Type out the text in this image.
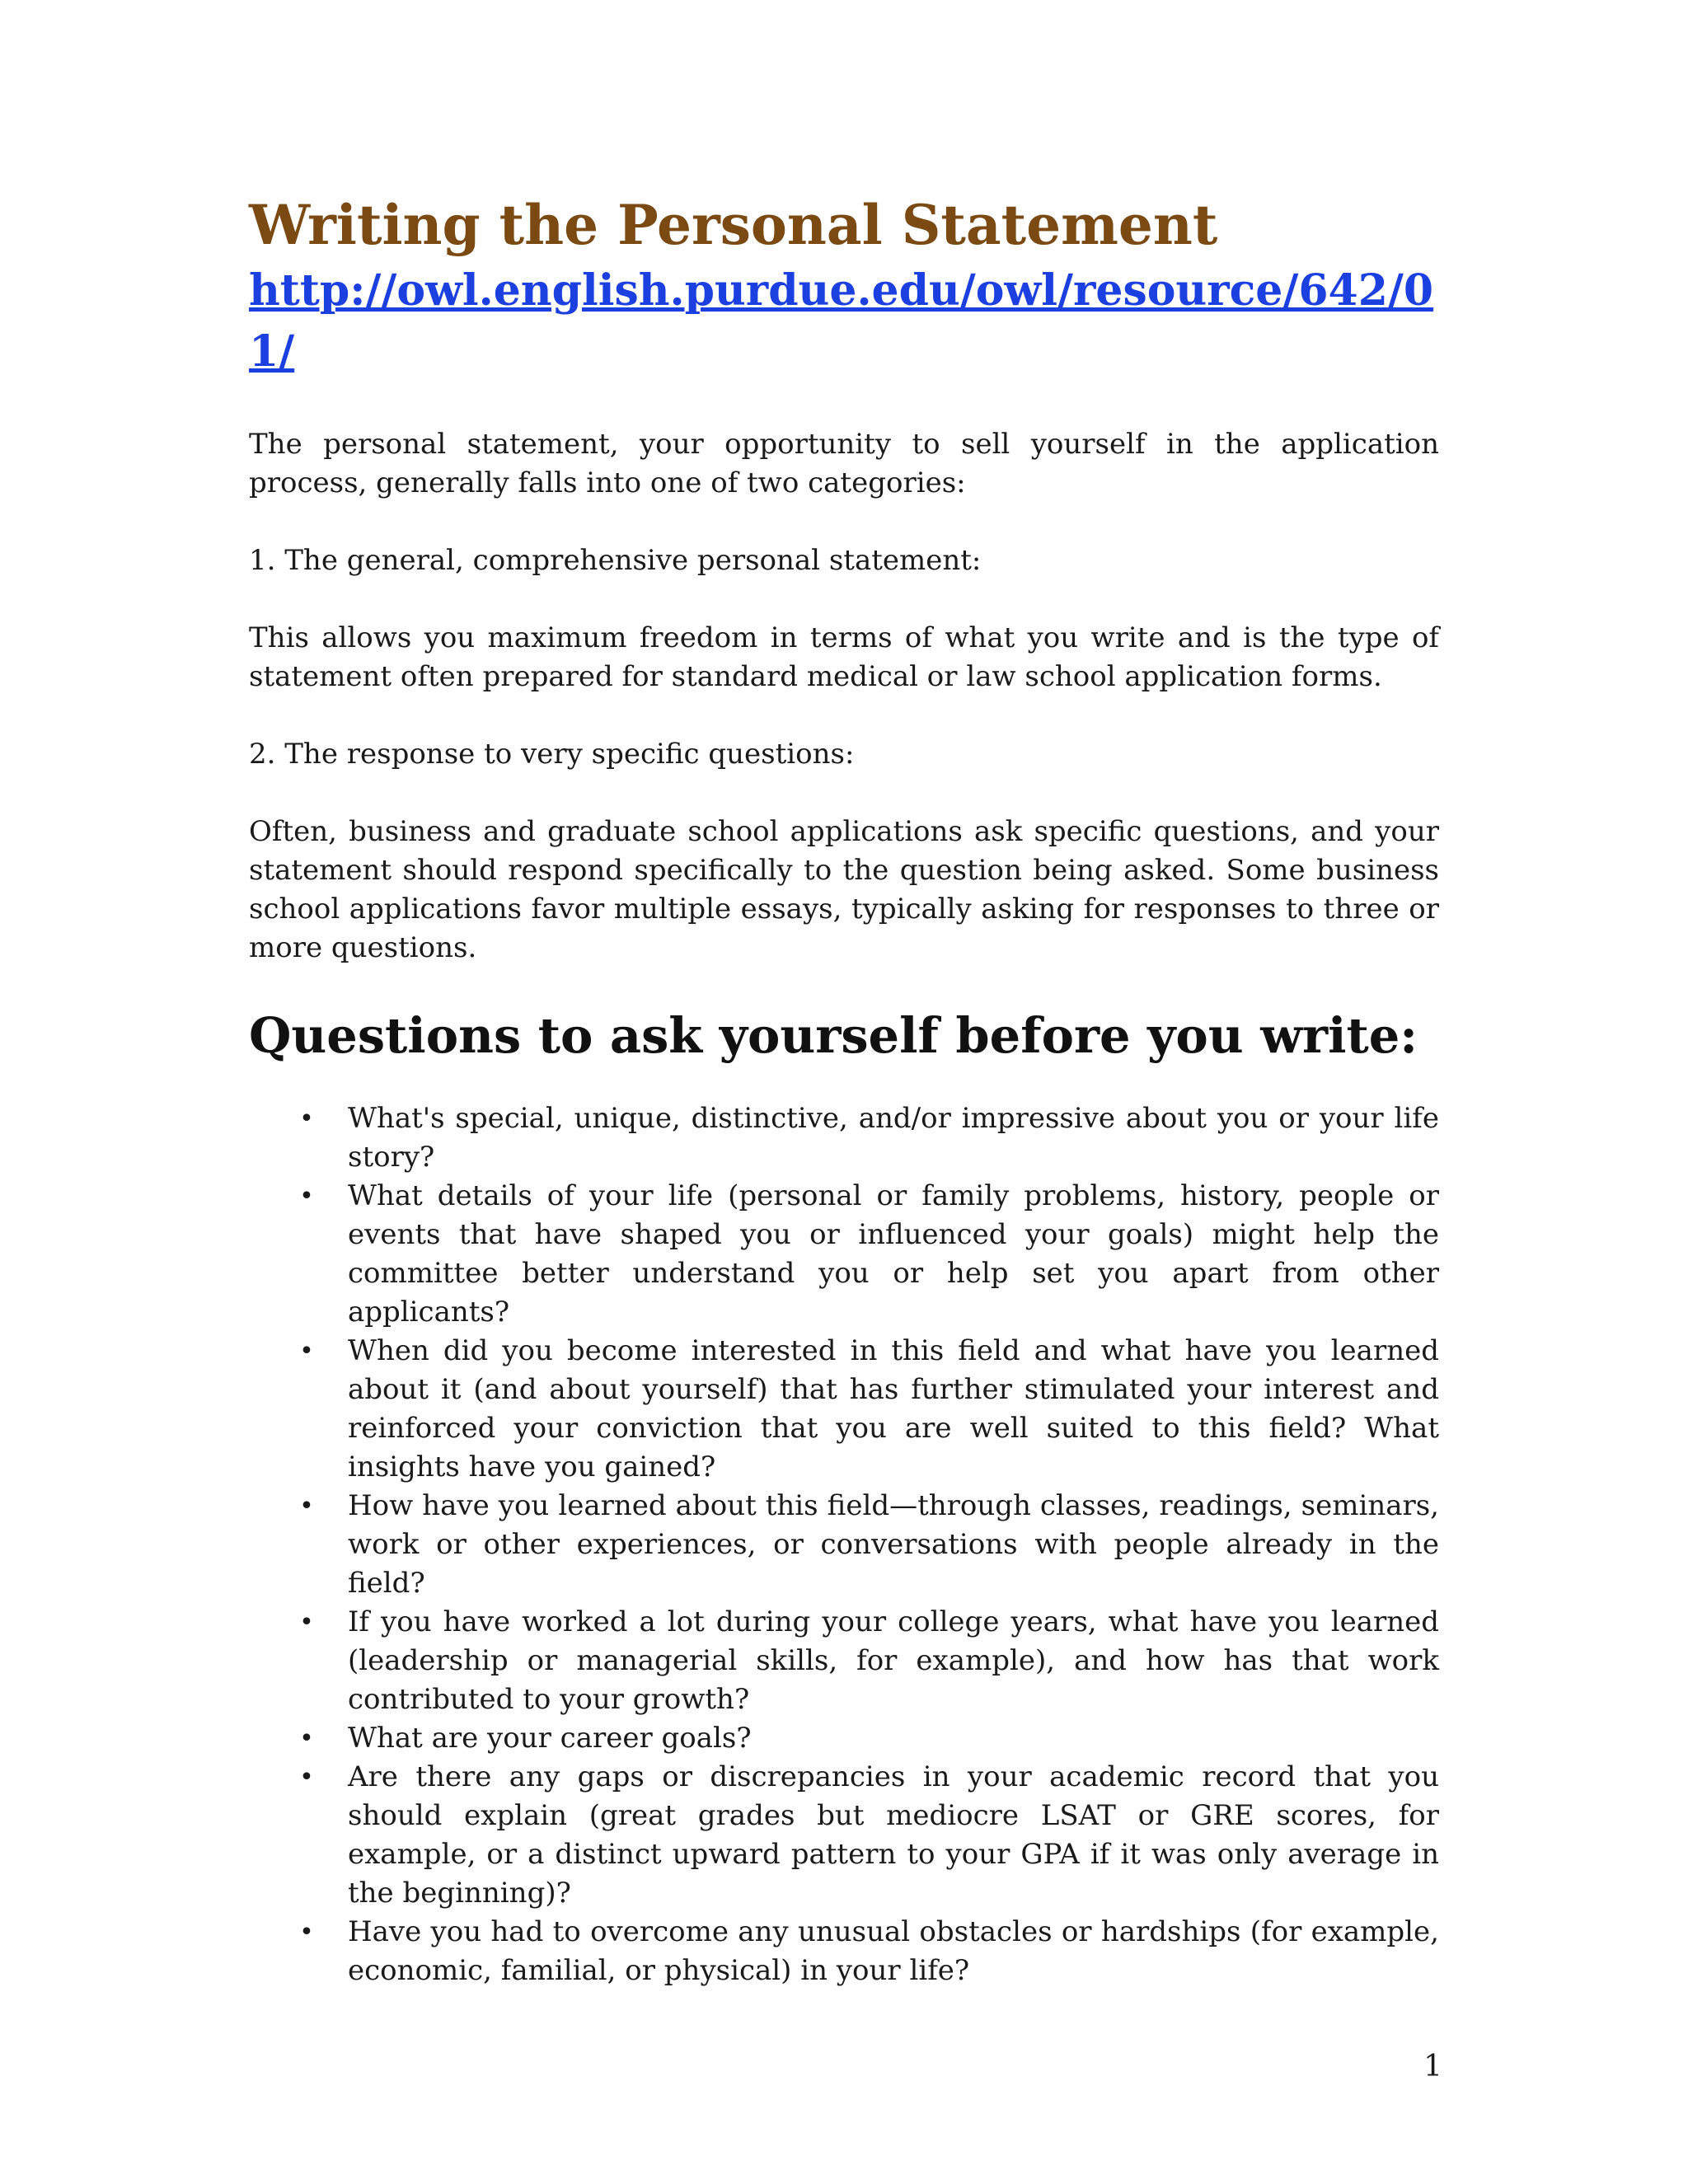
Writing the Personal Statement
http://owl.english.purdue.edu/owl/resource/642/01/

The personal statement, your opportunity to sell yourself in the application process, generally falls into one of two categories:

1. The general, comprehensive personal statement:

This allows you maximum freedom in terms of what you write and is the type of statement often prepared for standard medical or law school application forms.

2. The response to very specific questions:

Often, business and graduate school applications ask specific questions, and your statement should respond specifically to the question being asked. Some business school applications favor multiple essays, typically asking for responses to three or more questions.

Questions to ask yourself before you write:
• What's special, unique, distinctive, and/or impressive about you or your life story?
• What details of your life (personal or family problems, history, people or events that have shaped you or influenced your goals) might help the committee better understand you or help set you apart from other applicants?
• When did you become interested in this field and what have you learned about it (and about yourself) that has further stimulated your interest and reinforced your conviction that you are well suited to this field? What insights have you gained?
• How have you learned about this field—through classes, readings, seminars, work or other experiences, or conversations with people already in the field?
• If you have worked a lot during your college years, what have you learned (leadership or managerial skills, for example), and how has that work contributed to your growth?
• What are your career goals?
• Are there any gaps or discrepancies in your academic record that you should explain (great grades but mediocre LSAT or GRE scores, for example, or a distinct upward pattern to your GPA if it was only average in the beginning)?
• Have you had to overcome any unusual obstacles or hardships (for example, economic, familial, or physical) in your life?
1
